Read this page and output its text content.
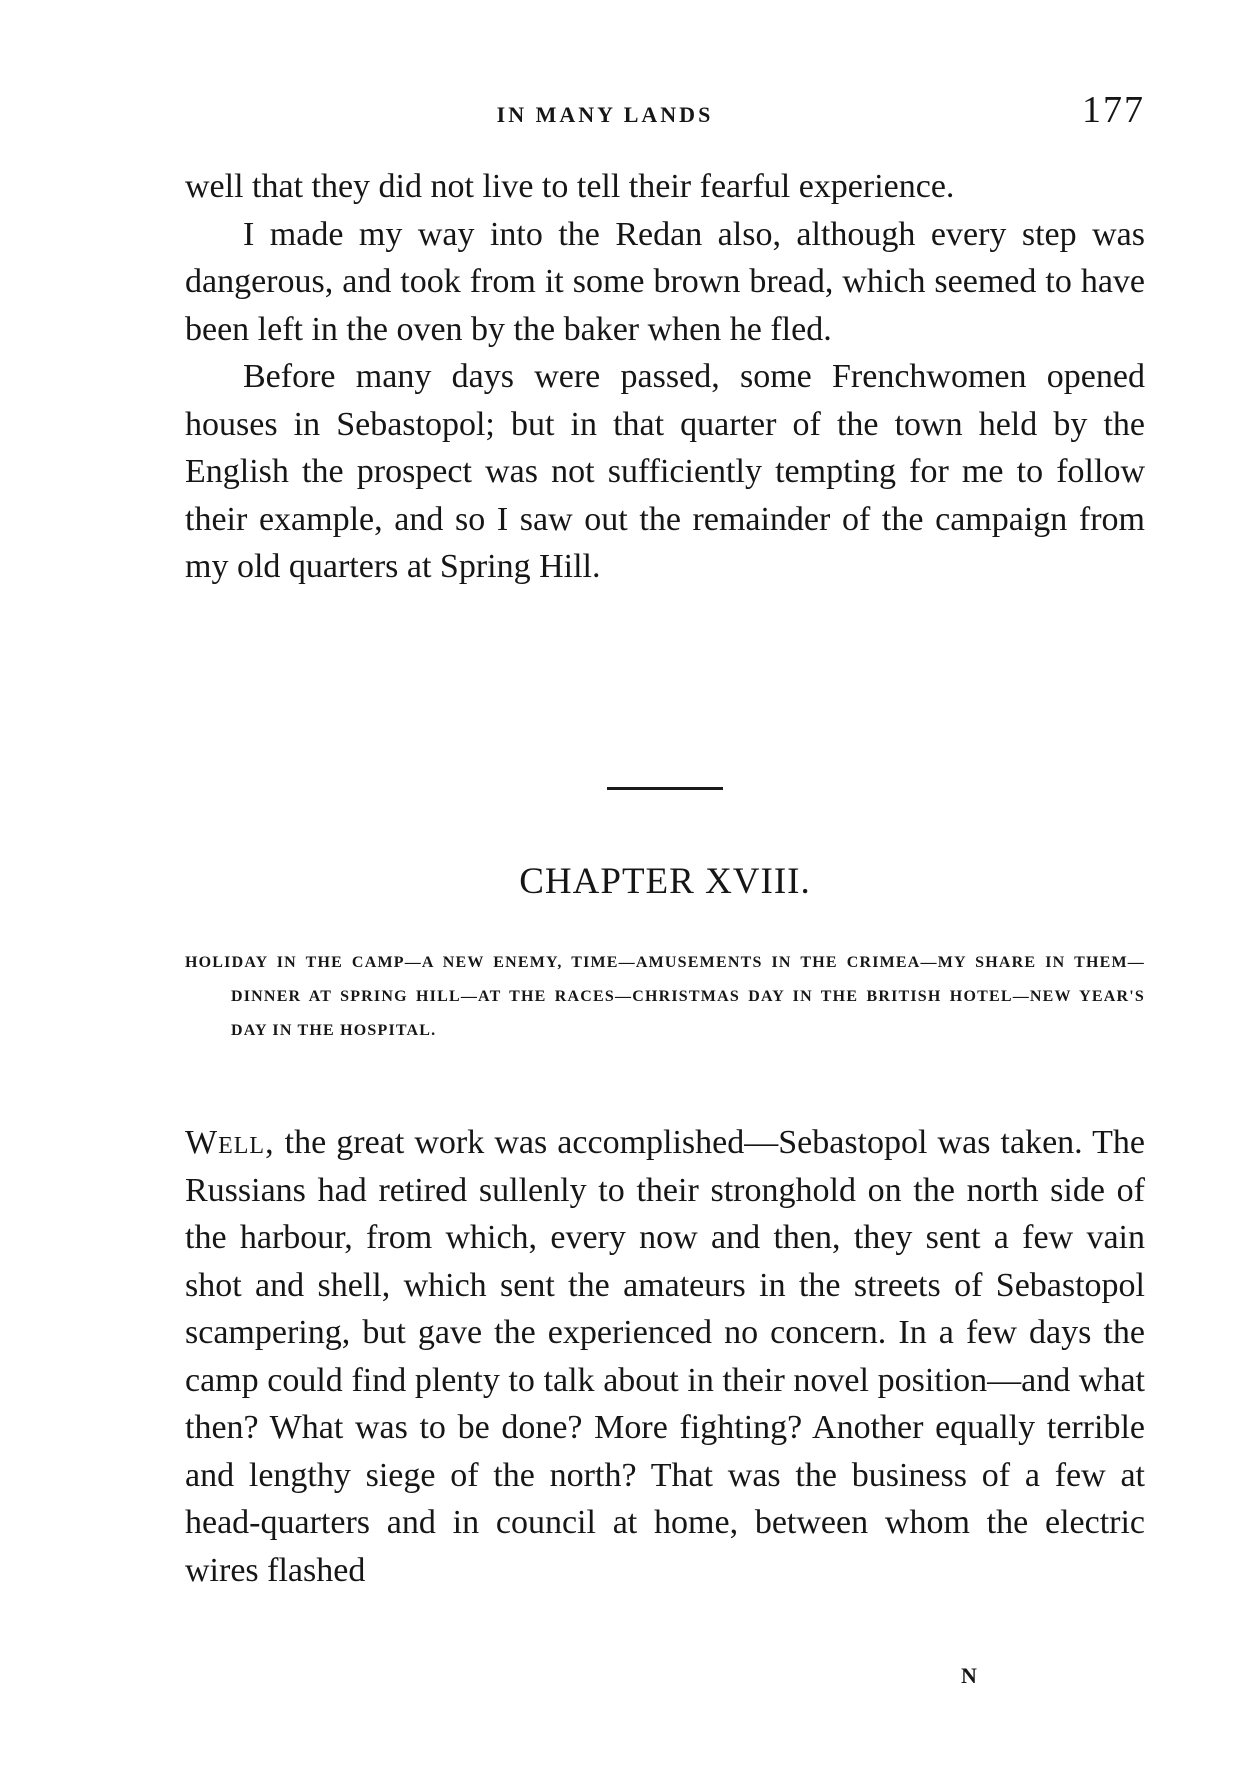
IN MANY LANDS	177

well that they did not live to tell their fearful experience.

I made my way into the Redan also, although every step was dangerous, and took from it some brown bread, which seemed to have been left in the oven by the baker when he fled.

Before many days were passed, some Frenchwomen opened houses in Sebastopol; but in that quarter of the town held by the English the prospect was not sufficiently tempting for me to follow their example, and so I saw out the remainder of the campaign from my old quarters at Spring Hill.

CHAPTER XVIII.
HOLIDAY IN THE CAMP—A NEW ENEMY, TIME—AMUSEMENTS IN THE CRIMEA—MY SHARE IN THEM—DINNER AT SPRING HILL—AT THE RACES—CHRISTMAS DAY IN THE BRITISH HOTEL—NEW YEAR'S DAY IN THE HOSPITAL.

Well, the great work was accomplished—Sebastopol was taken. The Russians had retired sullenly to their stronghold on the north side of the harbour, from which, every now and then, they sent a few vain shot and shell, which sent the amateurs in the streets of Sebastopol scampering, but gave the experienced no concern. In a few days the camp could find plenty to talk about in their novel position—and what then? What was to be done? More fighting? Another equally terrible and lengthy siege of the north? That was the business of a few at head-quarters and in council at home, between whom the electric wires flashed

N
